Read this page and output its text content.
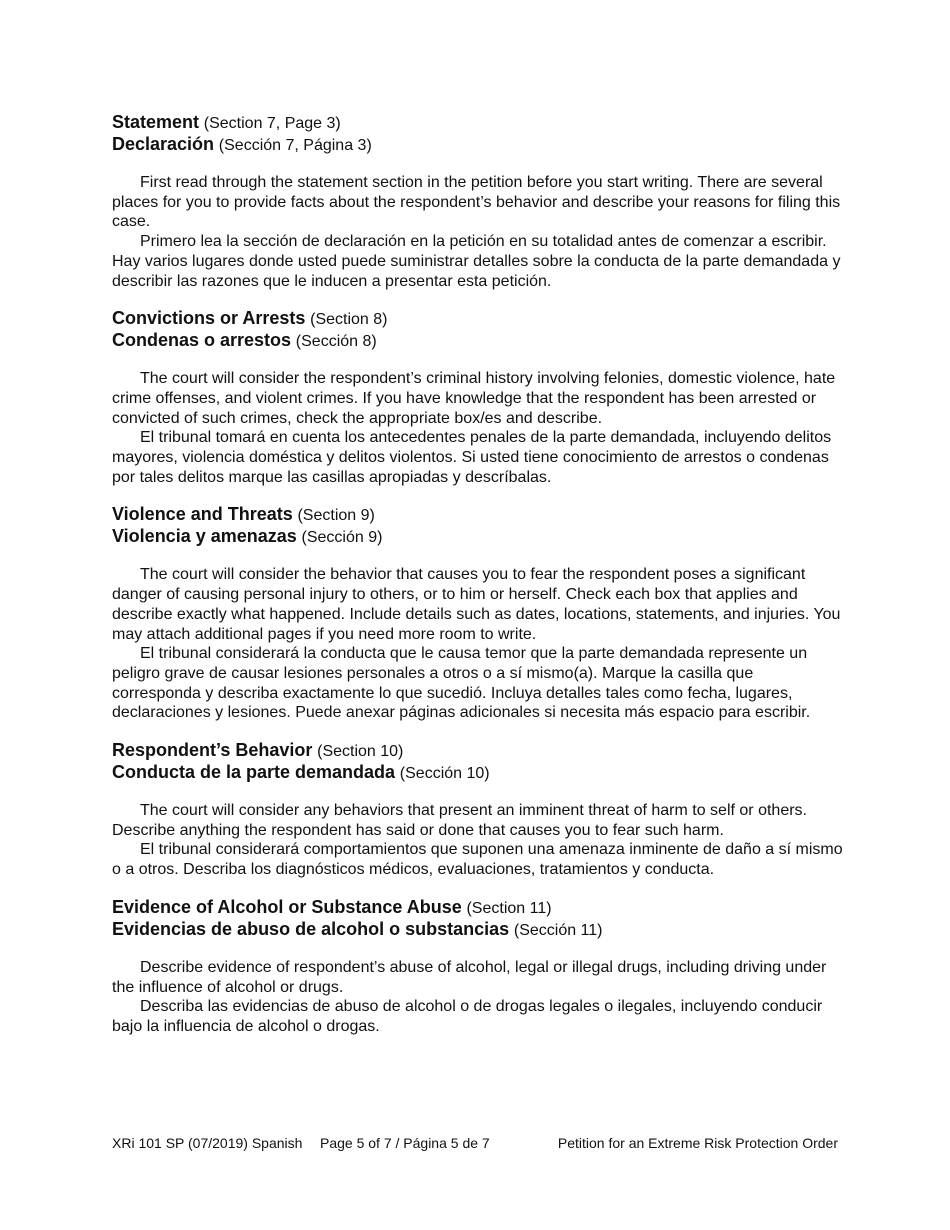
Statement (Section 7, Page 3)
Declaración (Sección 7, Página 3)

First read through the statement section in the petition before you start writing. There are several places for you to provide facts about the respondent’s behavior and describe your reasons for filing this case.

Primero lea la sección de declaración en la petición en su totalidad antes de comenzar a escribir. Hay varios lugares donde usted puede suministrar detalles sobre la conducta de la parte demandada y describir las razones que le inducen a presentar esta petición.

Convictions or Arrests (Section 8)
Condenas o arrestos (Sección 8)

The court will consider the respondent’s criminal history involving felonies, domestic violence, hate crime offenses, and violent crimes. If you have knowledge that the respondent has been arrested or convicted of such crimes, check the appropriate box/es and describe.

El tribunal tomará en cuenta los antecedentes penales de la parte demandada, incluyendo delitos mayores, violencia doméstica y delitos violentos. Si usted tiene conocimiento de arrestos o condenas por tales delitos marque las casillas apropiadas y descríbalas.

Violence and Threats (Section 9)
Violencia y amenazas (Sección 9)

The court will consider the behavior that causes you to fear the respondent poses a significant danger of causing personal injury to others, or to him or herself. Check each box that applies and describe exactly what happened. Include details such as dates, locations, statements, and injuries. You may attach additional pages if you need more room to write.

El tribunal considerará la conducta que le causa temor que la parte demandada represente un peligro grave de causar lesiones personales a otros o a sí mismo(a). Marque la casilla que corresponda y describa exactamente lo que sucedió. Incluya detalles tales como fecha, lugares, declaraciones y lesiones. Puede anexar páginas adicionales si necesita más espacio para escribir.

Respondent’s Behavior (Section 10)
Conducta de la parte demandada (Sección 10)

The court will consider any behaviors that present an imminent threat of harm to self or others. Describe anything the respondent has said or done that causes you to fear such harm.

El tribunal considerará comportamientos que suponen una amenaza inminente de daño a sí mismo o a otros. Describa los diagnósticos médicos, evaluaciones, tratamientos y conducta.

Evidence of Alcohol or Substance Abuse (Section 11)
Evidencias de abuso de alcohol o substancias (Sección 11)

Describe evidence of respondent’s abuse of alcohol, legal or illegal drugs, including driving under the influence of alcohol or drugs.

Describa las evidencias de abuso de alcohol o de drogas legales o ilegales, incluyendo conducir bajo la influencia de alcohol o drogas.

XRi 101 SP (07/2019) Spanish Page 5 of 7 / Página 5 de 7	Petition for an Extreme Risk Protection Order
